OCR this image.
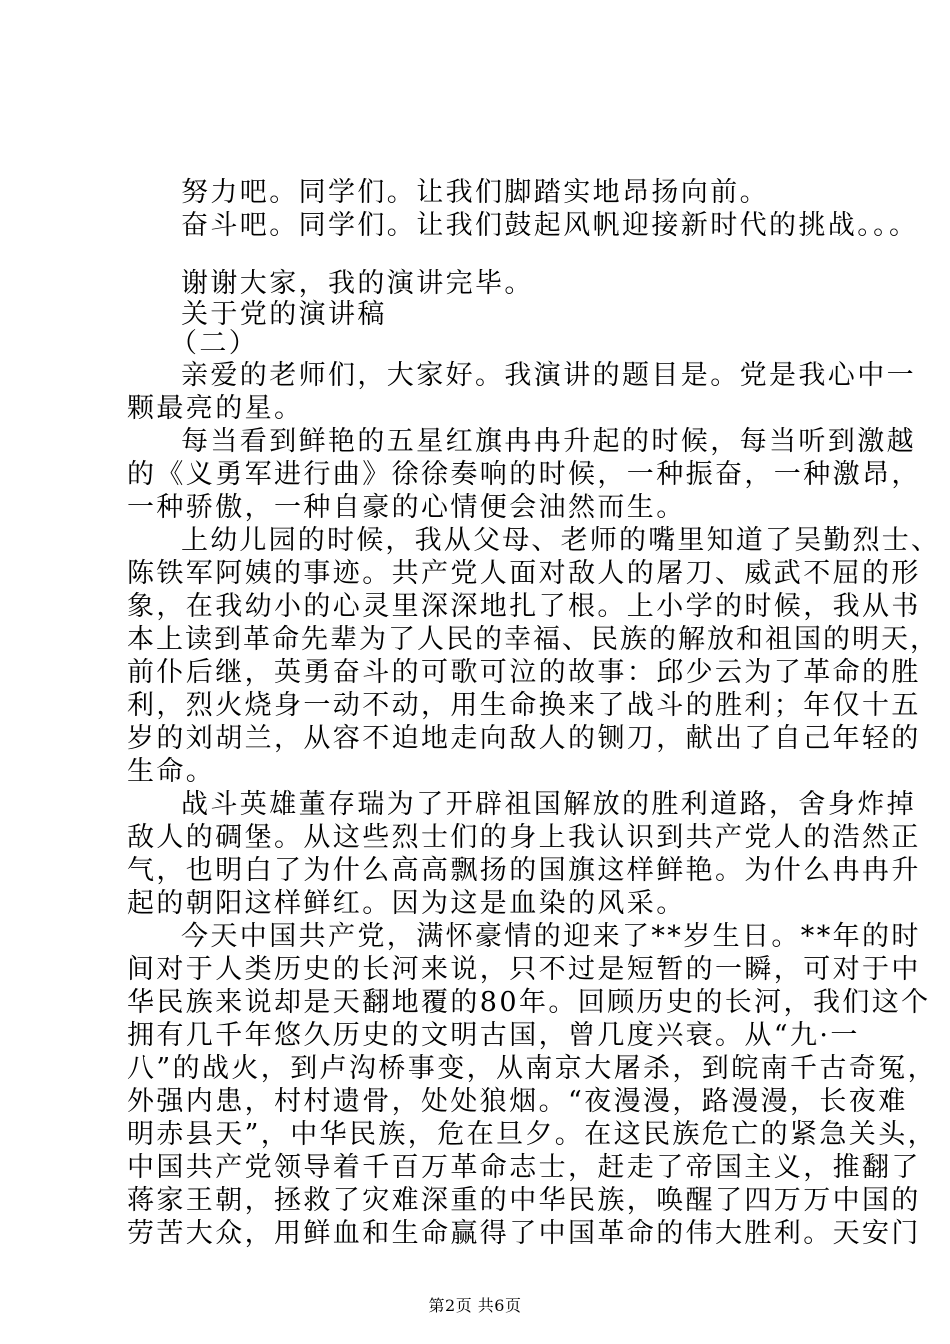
努力吧。同学们。让我们脚踏实地昂扬向前。
奋斗吧。同学们。让我们鼓起风帆迎接新时代的挑战。。。
谢谢大家，我的演讲完毕。
关于党的演讲稿
（二）
亲爱的老师们，大家好。我演讲的题目是。党是我心中一
颗最亮的星。
每当看到鲜艳的五星红旗冉冉升起的时候，每当听到激越
的《义勇军进行曲》徐徐奏响的时候，一种振奋，一种激昂，
一种骄傲，一种自豪的心情便会油然而生。
上幼儿园的时候，我从父母、老师的嘴里知道了吴勤烈士、
陈铁军阿姨的事迹。共产党人面对敌人的屠刀、威武不屈的形
象，在我幼小的心灵里深深地扎了根。上小学的时候，我从书
本上读到革命先辈为了人民的幸福、民族的解放和祖国的明天，
前仆后继，英勇奋斗的可歌可泣的故事：邱少云为了革命的胜
利，烈火烧身一动不动，用生命换来了战斗的胜利；年仅十五
岁的刘胡兰，从容不迫地走向敌人的铡刀，献出了自己年轻的
生命。
战斗英雄董存瑞为了开辟祖国解放的胜利道路，舍身炸掉
敌人的碉堡。从这些烈士们的身上我认识到共产党人的浩然正
气，也明白了为什么高高飘扬的国旗这样鲜艳。为什么冉冉升
起的朝阳这样鲜红。因为这是血染的风采。
今天中国共产党，满怀豪情的迎来了**岁生日。**年的时
间对于人类历史的长河来说，只不过是短暂的一瞬，可对于中
华民族来说却是天翻地覆的80年。回顾历史的长河，我们这个
拥有几千年悠久历史的文明古国，曾几度兴衰。从“九·一
八”的战火，到卢沟桥事变，从南京大屠杀，到皖南千古奇冤，
外强内患，村村遗骨，处处狼烟。“夜漫漫，路漫漫，长夜难
明赤县天”，中华民族，危在旦夕。在这民族危亡的紧急关头，
中国共产党领导着千百万革命志士，赶走了帝国主义，推翻了
蒋家王朝，拯救了灾难深重的中华民族，唤醒了四万万中国的
劳苦大众，用鲜血和生命赢得了中国革命的伟大胜利。天安门
第2页 共6页
